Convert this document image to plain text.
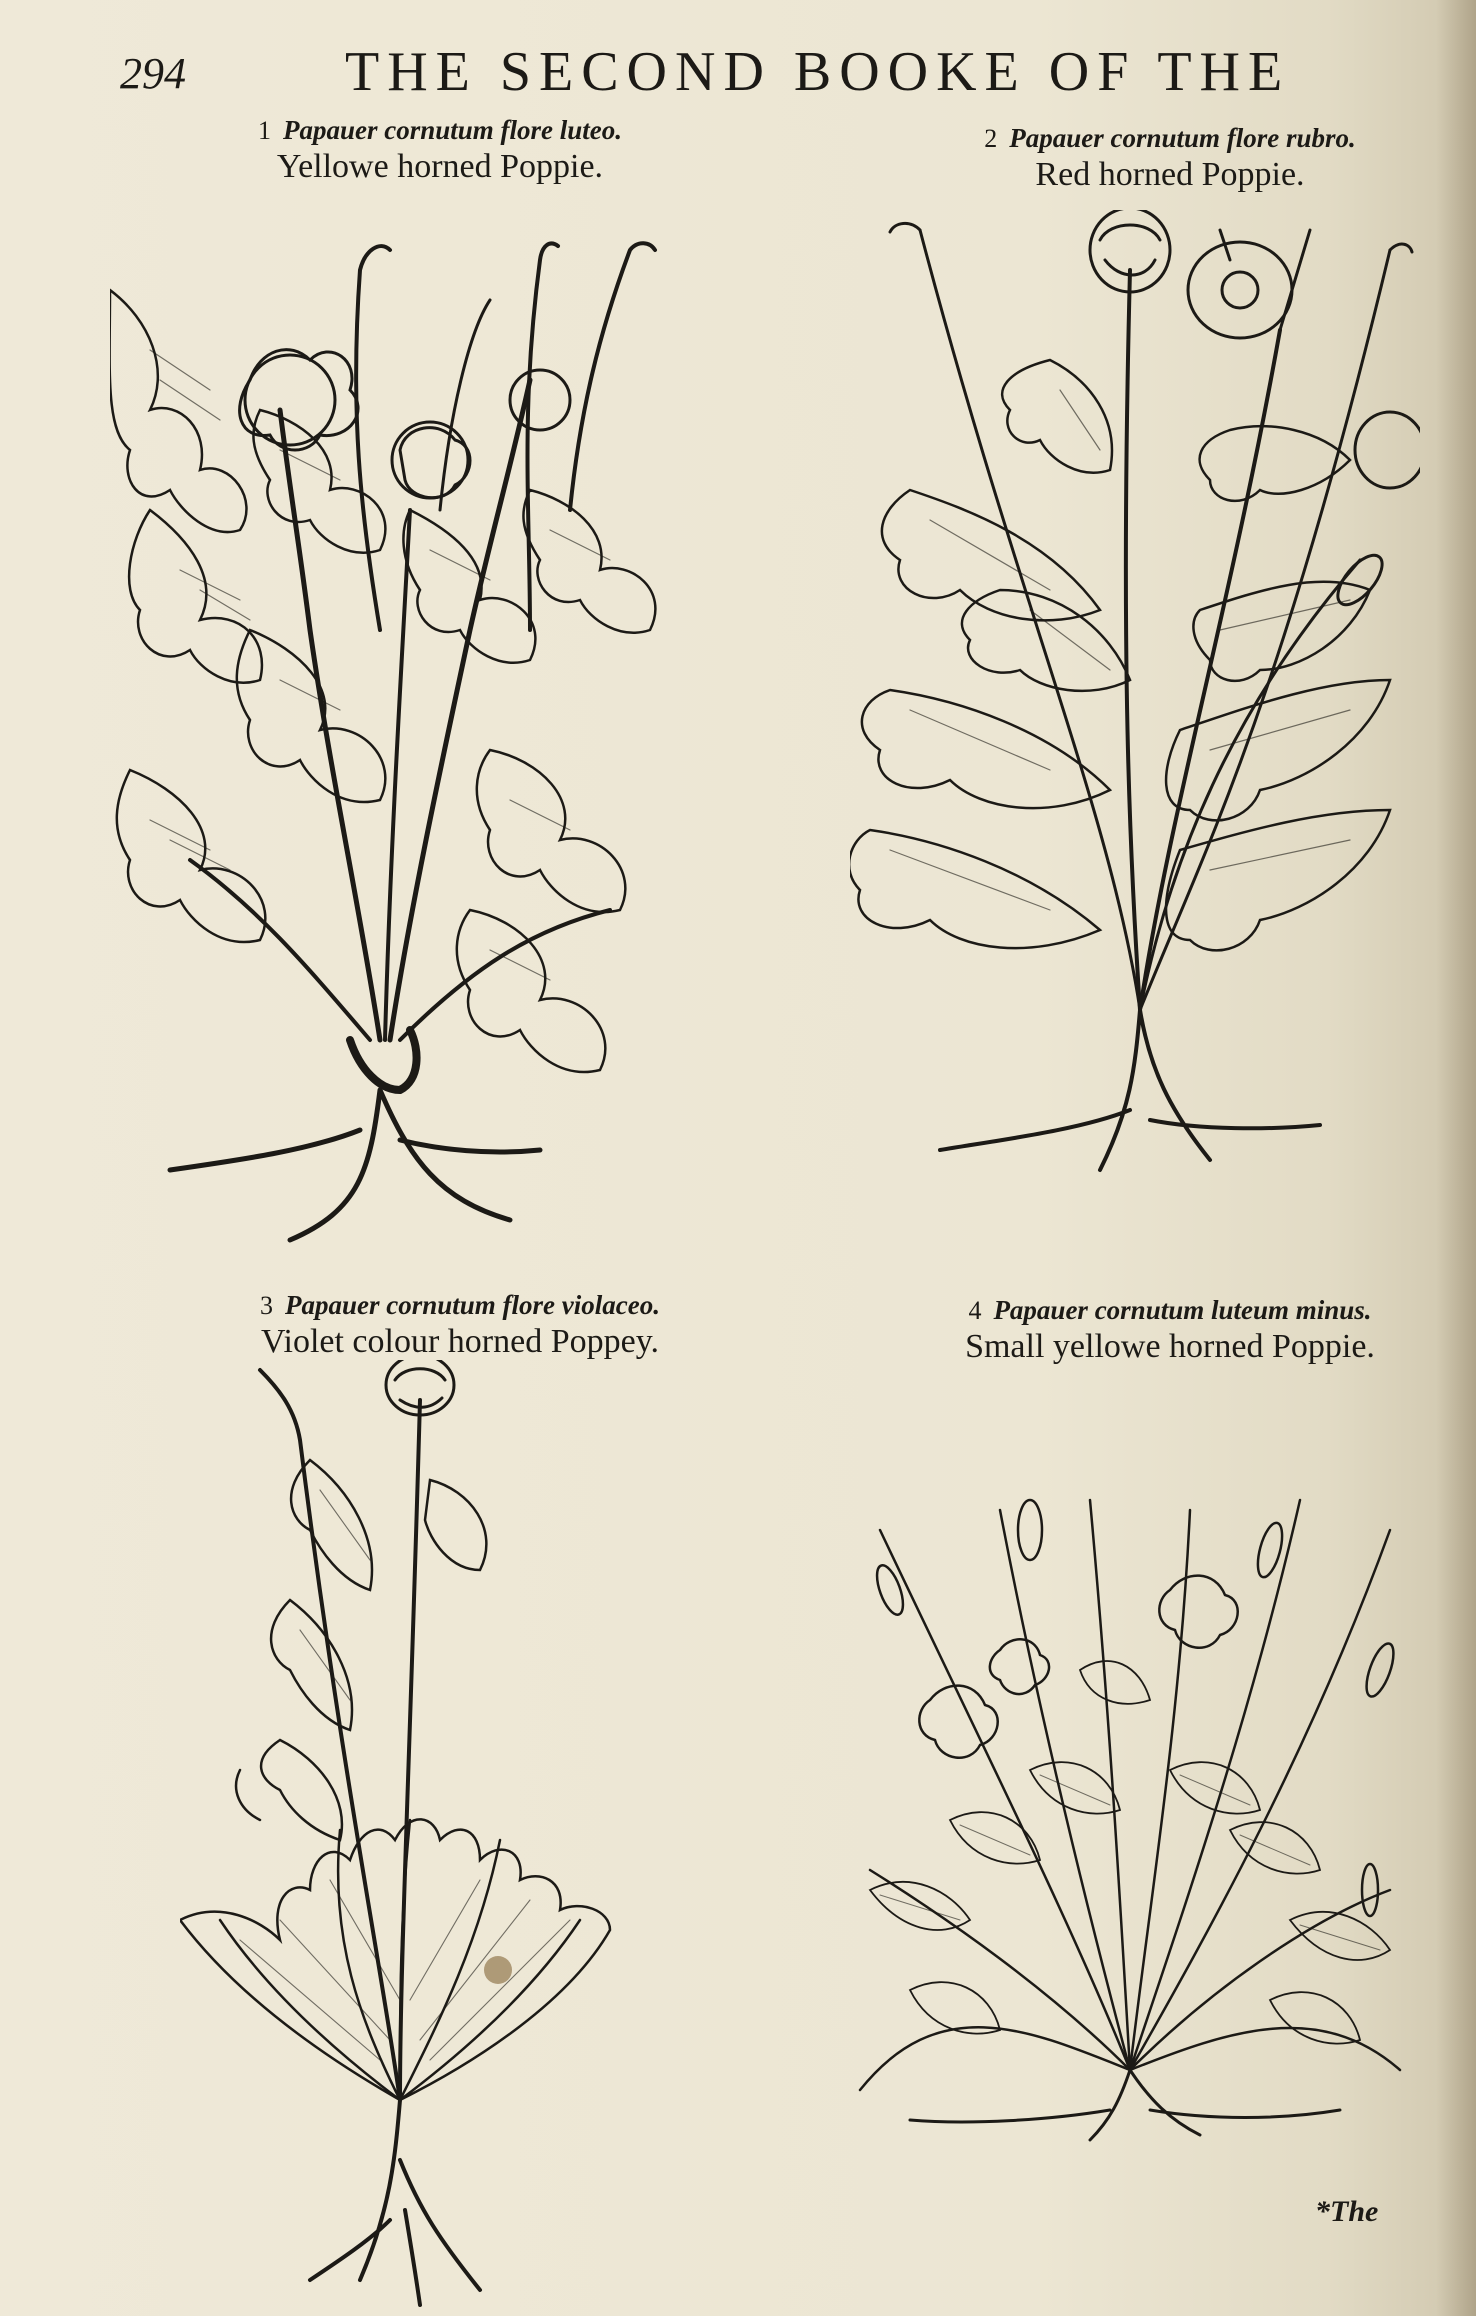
294	THE SECOND BOOKE OF THE
1 Papauer cornutum flore luteo.
Yellowe horned Poppie.
2 Papauer cornutum flore rubro.
Red horned Poppie.
3 Papauer cornutum flore violaceo.
Violet colour horned Poppey.
4 Papauer cornutum luteum minus.
Small yellowe horned Poppie.
*The
